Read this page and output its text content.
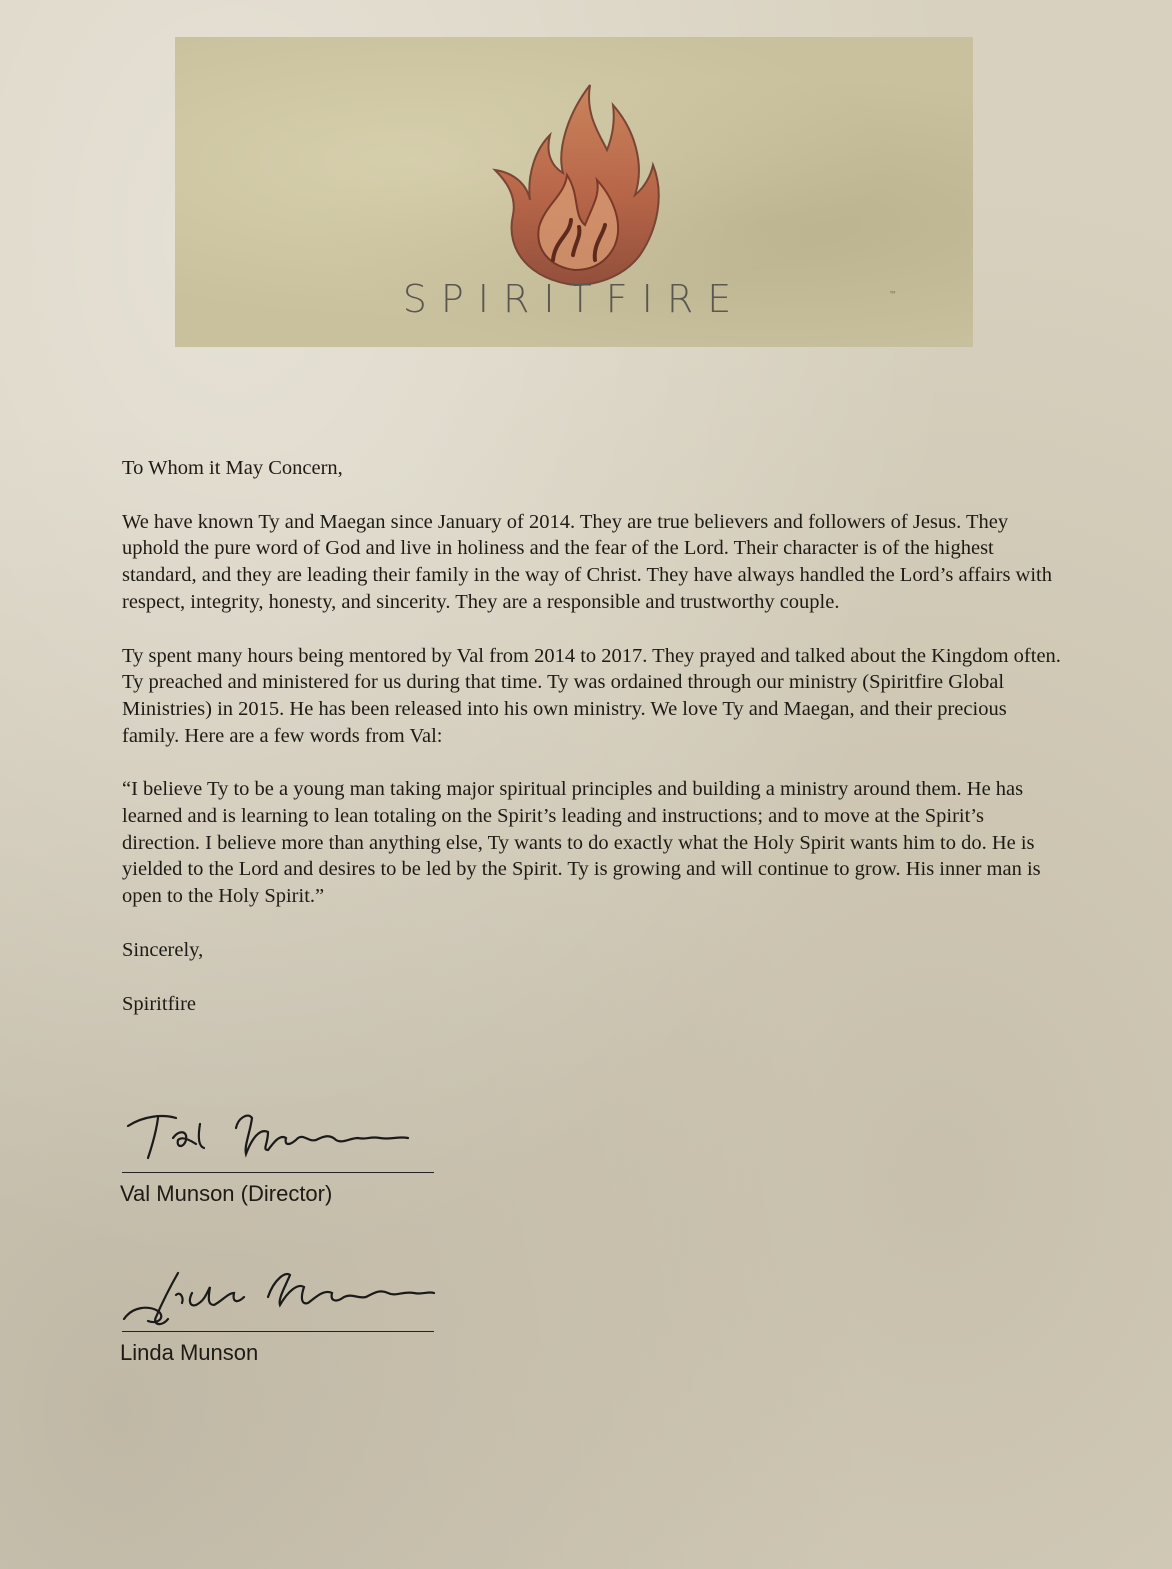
SPIRITFIRE	™

To Whom it May Concern,

We have known Ty and Maegan since January of 2014. They are true believers and followers of Jesus. They uphold the pure word of God and live in holiness and the fear of the Lord. Their character is of the highest standard, and they are leading their family in the way of Christ. They have always handled the Lord’s affairs with respect, integrity, honesty, and sincerity. They are a responsible and trustworthy couple.

Ty spent many hours being mentored by Val from 2014 to 2017. They prayed and talked about the Kingdom often. Ty preached and ministered for us during that time. Ty was ordained through our ministry (Spiritfire Global Ministries) in 2015. He has been released into his own ministry. We love Ty and Maegan, and their precious family. Here are a few words from Val:

“I believe Ty to be a young man taking major spiritual principles and building a ministry around them. He has learned and is learning to lean totaling on the Spirit’s leading and instructions; and to move at the Spirit’s direction. I believe more than anything else, Ty wants to do exactly what the Holy Spirit wants him to do. He is yielded to the Lord and desires to be led by the Spirit. Ty is growing and will continue to grow. His inner man is open to the Holy Spirit.”

Sincerely,

Spiritfire

Val Munson (Director)
Linda Munson
